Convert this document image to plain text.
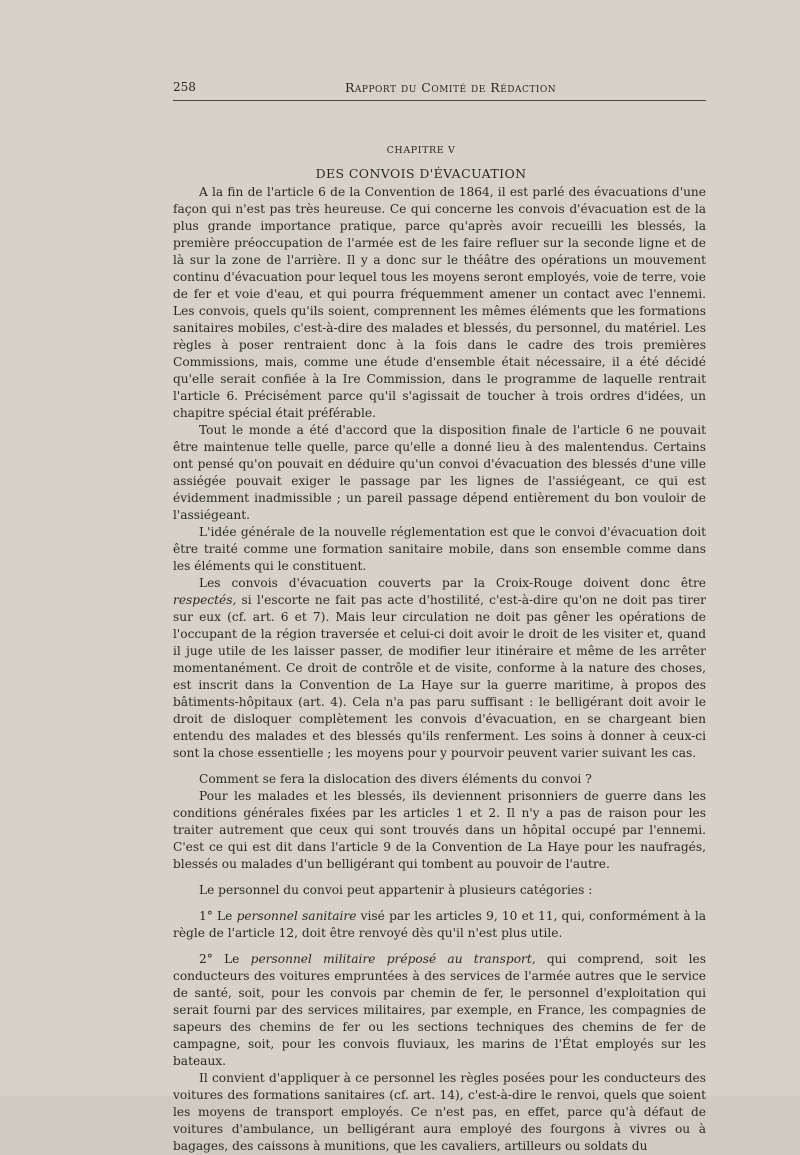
258	Rapport du Comité de Rédaction
CHAPITRE V
DES CONVOIS D'ÉVACUATION

A la fin de l'article 6 de la Convention de 1864, il est parlé des évacuations d'une façon qui n'est pas très heureuse. Ce qui concerne les convois d'évacuation est de la plus grande importance pratique, parce qu'après avoir recueilli les blessés, la première préoccupation de l'armée est de les faire refluer sur la seconde ligne et de là sur la zone de l'arrière. Il y a donc sur le théâtre des opérations un mouvement continu d'évacuation pour lequel tous les moyens seront employés, voie de terre, voie de fer et voie d'eau, et qui pourra fréquemment amener un contact avec l'ennemi. Les convois, quels qu'ils soient, comprennent les mêmes éléments que les formations sanitaires mobiles, c'est-à-dire des malades et blessés, du personnel, du matériel. Les règles à poser rentraient donc à la fois dans le cadre des trois premières Commissions, mais, comme une étude d'ensemble était nécessaire, il a été décidé qu'elle serait confiée à la Ire Commission, dans le programme de laquelle rentrait l'article 6. Précisément parce qu'il s'agissait de toucher à trois ordres d'idées, un chapitre spécial était préférable.

Tout le monde a été d'accord que la disposition finale de l'article 6 ne pouvait être maintenue telle quelle, parce qu'elle a donné lieu à des malentendus. Certains ont pensé qu'on pouvait en déduire qu'un convoi d'évacuation des blessés d'une ville assiégée pouvait exiger le passage par les lignes de l'assiégeant, ce qui est évidemment inadmissible ; un pareil passage dépend entièrement du bon vouloir de l'assiégeant.

L'idée générale de la nouvelle réglementation est que le convoi d'évacuation doit être traité comme une formation sanitaire mobile, dans son ensemble comme dans les éléments qui le constituent.

Les convois d'évacuation couverts par la Croix-Rouge doivent donc être respectés, si l'escorte ne fait pas acte d'hostilité, c'est-à-dire qu'on ne doit pas tirer sur eux (cf. art. 6 et 7). Mais leur circulation ne doit pas gêner les opérations de l'occupant de la région traversée et celui-ci doit avoir le droit de les visiter et, quand il juge utile de les laisser passer, de modifier leur itinéraire et même de les arrêter momentanément. Ce droit de contrôle et de visite, conforme à la nature des choses, est inscrit dans la Convention de La Haye sur la guerre maritime, à propos des bâtiments-hôpitaux (art. 4). Cela n'a pas paru suffisant : le belligérant doit avoir le droit de disloquer complètement les convois d'évacuation, en se chargeant bien entendu des malades et des blessés qu'ils renferment. Les soins à donner à ceux-ci sont la chose essentielle ; les moyens pour y pourvoir peuvent varier suivant les cas.

Comment se fera la dislocation des divers éléments du convoi ?

Pour les malades et les blessés, ils deviennent prisonniers de guerre dans les conditions générales fixées par les articles 1 et 2. Il n'y a pas de raison pour les traiter autrement que ceux qui sont trouvés dans un hôpital occupé par l'ennemi. C'est ce qui est dit dans l'article 9 de la Convention de La Haye pour les naufragés, blessés ou malades d'un belligérant qui tombent au pouvoir de l'autre.

Le personnel du convoi peut appartenir à plusieurs catégories :

1° Le personnel sanitaire visé par les articles 9, 10 et 11, qui, conformément à la règle de l'article 12, doit être renvoyé dès qu'il n'est plus utile.

2° Le personnel militaire préposé au transport, qui comprend, soit les conducteurs des voitures empruntées à des services de l'armée autres que le service de santé, soit, pour les convois par chemin de fer, le personnel d'exploitation qui serait fourni par des services militaires, par exemple, en France, les compagnies de sapeurs des chemins de fer ou les sections techniques des chemins de fer de campagne, soit, pour les convois fluviaux, les marins de l'État employés sur les bateaux.

Il convient d'appliquer à ce personnel les règles posées pour les conducteurs des voitures des formations sanitaires (cf. art. 14), c'est-à-dire le renvoi, quels que soient les moyens de transport employés. Ce n'est pas, en effet, parce qu'à défaut de voitures d'ambulance, un belligérant aura employé des fourgons à vivres ou à bagages, des caissons à munitions, que les cavaliers, artilleurs ou soldats du
